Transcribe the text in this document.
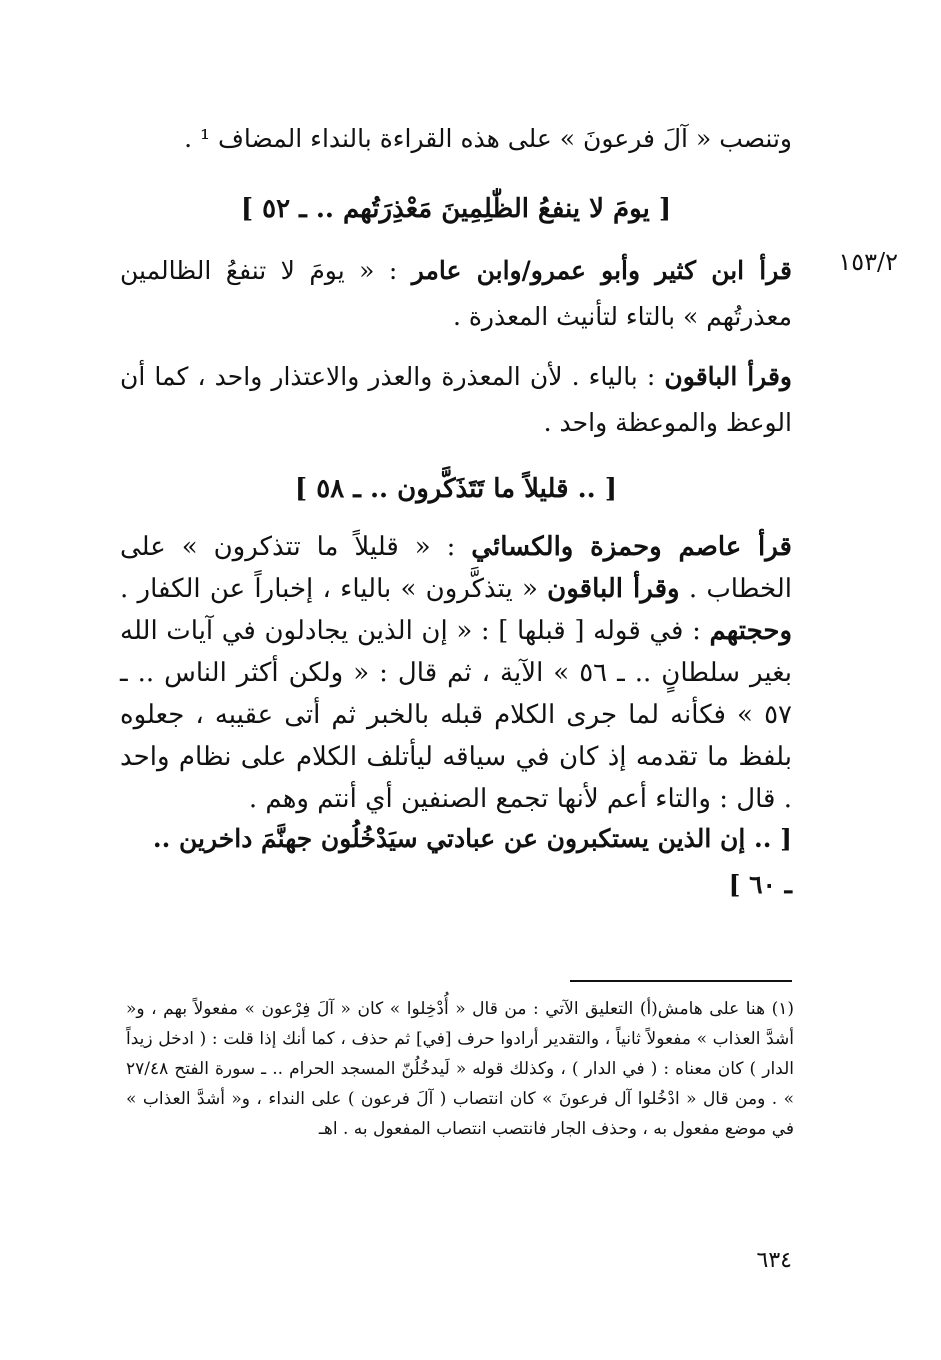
وتنصب « آلَ فرعونَ » على هذه القراءة بالنداء المضاف ¹ .
[ يومَ لا ينفعُ الظّٰلِمِينَ مَعْذِرَتُهم .. ـ ٥٢ ]
١٥٣/٢
قرأ ابن كثير وأبو عمرو/وابن عامر : « يومَ لا تنفعُ الظالمين معذرتُهم » بالتاء لتأنيث المعذرة .
وقرأ الباقون : بالياء . لأن المعذرة والعذر والاعتذار واحد ، كما أن الوعظ والموعظة واحد .
[ .. قليلاً ما تَتَذَكَّرون .. ـ ٥٨ ]
قرأ عاصم وحمزة والكسائي : « قليلاً ما تتذكرون » على الخطاب . وقرأ الباقون « يتذكَّرون » بالياء ، إخباراً عن الكفار . وحجتهم : في قوله [ قبلها ] : « إن الذين يجادلون في آيات الله بغير سلطانٍ .. ـ ٥٦ » الآية ، ثم قال : « ولكن أكثر الناس .. ـ ٥٧ » فكأنه لما جرى الكلام قبله بالخبر ثم أتى عقيبه ، جعلوه بلفظ ما تقدمه إذ كان في سياقه ليأتلف الكلام على نظام واحد . قال : والتاء أعم لأنها تجمع الصنفين أي أنتم وهم .
[ .. إن الذين يستكبرون عن عبادتي سيَدْخُلُون جهنَّمَ داخرين ..
ـ ٦٠ ]
(١) هنا على هامش(أ) التعليق الآتي : من قال « أُدْخِلوا » كان « آلَ فِرْعون » مفعولاً بهم ، و« أشدَّ العذاب » مفعولاً ثانياً ، والتقدير أرادوا حرف [في] ثم حذف ، كما أنك إذا قلت : ( ادخل زيداً الدار ) كان معناه : ( في الدار ) ، وكذلك قوله « لَيدخُلُنّ المسجد الحرام .. ـ سورة الفتح ٢٧/٤٨ » . ومن قال « ادْخُلوا آل فرعونَ » كان انتصاب ( آلَ فرعون ) على النداء ، و« أشدَّ العذاب » في موضع مفعول به ، وحذف الجار فانتصب انتصاب المفعول به . اهـ
٦٣٤
